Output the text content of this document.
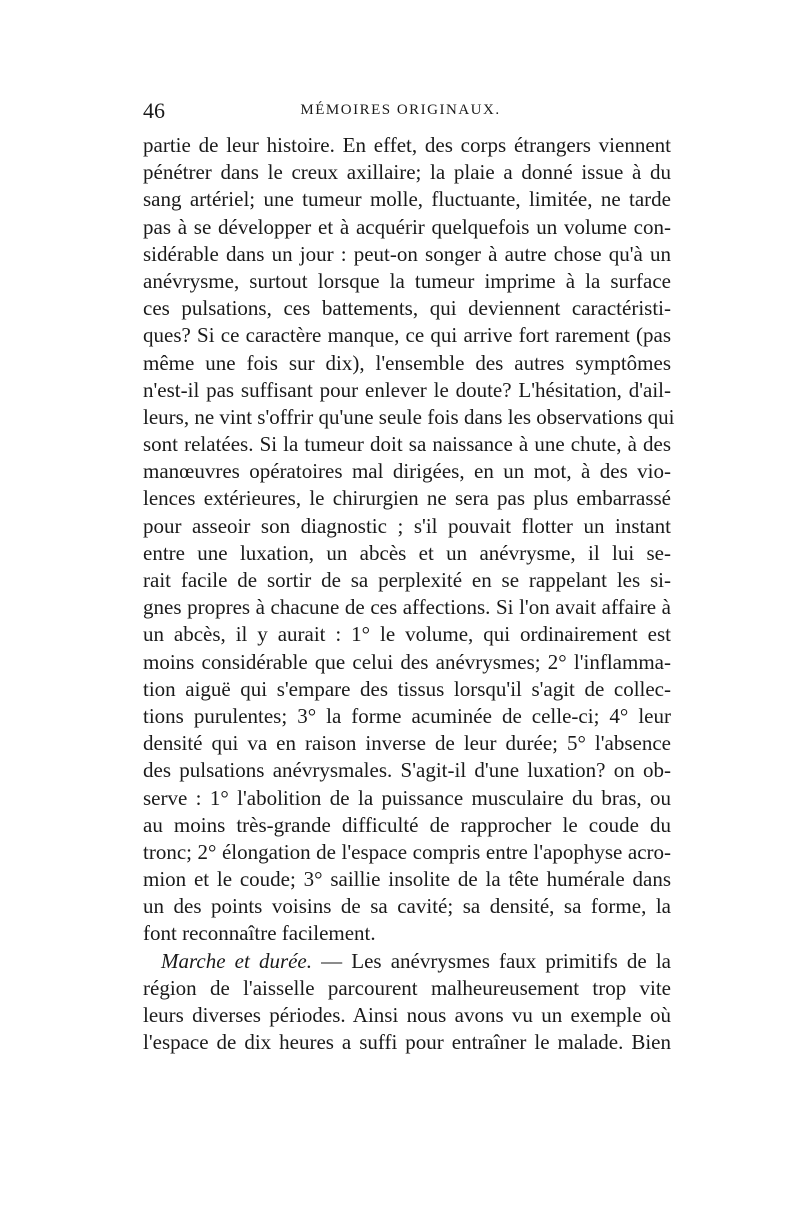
46	MÉMOIRES ORIGINAUX.
partie de leur histoire. En effet, des corps étrangers viennent
pénétrer dans le creux axillaire; la plaie a donné issue à du
sang artériel; une tumeur molle, fluctuante, limitée, ne tarde
pas à se développer et à acquérir quelquefois un volume con-
sidérable dans un jour : peut-on songer à autre chose qu'à un
anévrysme, surtout lorsque la tumeur imprime à la surface
ces pulsations, ces battements, qui deviennent caractéristi-
ques? Si ce caractère manque, ce qui arrive fort rarement (pas
même une fois sur dix), l'ensemble des autres symptômes
n'est-il pas suffisant pour enlever le doute? L'hésitation, d'ail-
leurs, ne vint s'offrir qu'une seule fois dans les observations qui
sont relatées. Si la tumeur doit sa naissance à une chute, à des
manœuvres opératoires mal dirigées, en un mot, à des vio-
lences extérieures, le chirurgien ne sera pas plus embarrassé
pour asseoir son diagnostic ; s'il pouvait flotter un instant
entre une luxation, un abcès et un anévrysme, il lui se-
rait facile de sortir de sa perplexité en se rappelant les si-
gnes propres à chacune de ces affections. Si l'on avait affaire à
un abcès, il y aurait : 1° le volume, qui ordinairement est
moins considérable que celui des anévrysmes; 2° l'inflamma-
tion aiguë qui s'empare des tissus lorsqu'il s'agit de collec-
tions purulentes; 3° la forme acuminée de celle-ci; 4° leur
densité qui va en raison inverse de leur durée; 5° l'absence
des pulsations anévrysmales. S'agit-il d'une luxation? on ob-
serve : 1° l'abolition de la puissance musculaire du bras, ou
au moins très-grande difficulté de rapprocher le coude du
tronc; 2° élongation de l'espace compris entre l'apophyse acro-
mion et le coude; 3° saillie insolite de la tête humérale dans
un des points voisins de sa cavité; sa densité, sa forme, la
font reconnaître facilement.
Marche et durée. — Les anévrysmes faux primitifs de la
région de l'aisselle parcourent malheureusement trop vite
leurs diverses périodes. Ainsi nous avons vu un exemple où
l'espace de dix heures a suffi pour entraîner le malade. Bien
